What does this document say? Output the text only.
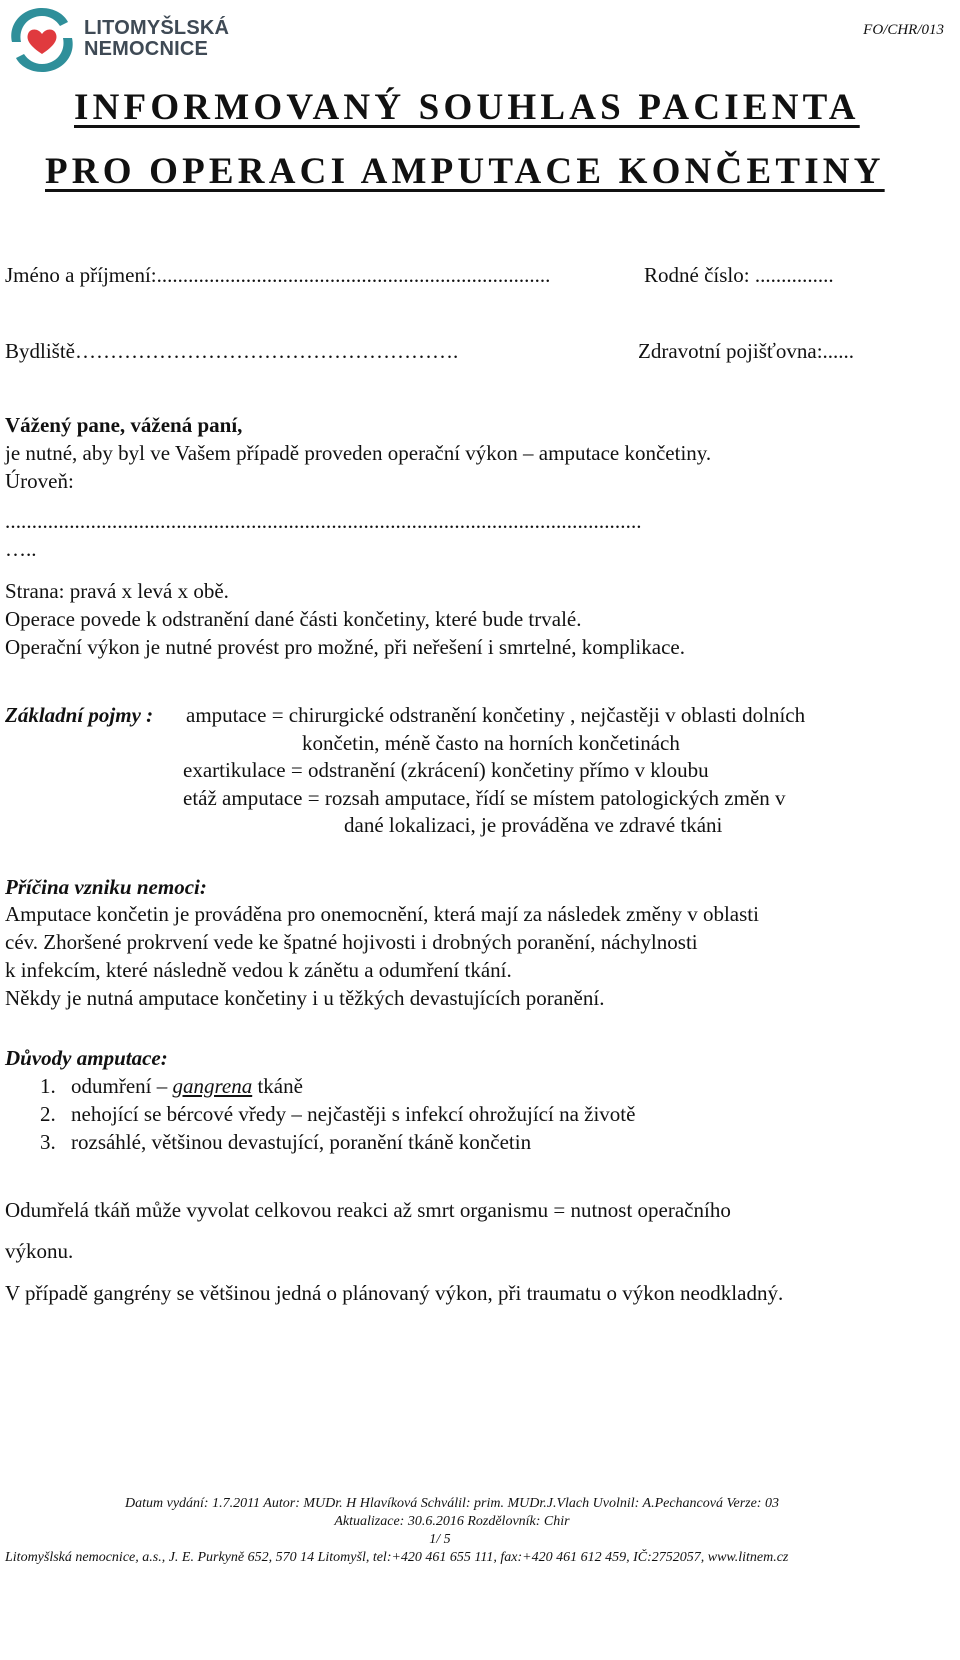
LITOMYŠLSKÁ
NEMOCNICE
FO/CHR/013
INFORMOVANÝ SOUHLAS PACIENTA
PRO OPERACI AMPUTACE KONČETINY
Jméno a příjmení:...........................................................................	Rodné číslo: ...............
Bydliště……………………………………………….	Zdravotní pojišťovna:......
Vážený pane, vážená paní,
je nutné, aby byl ve Vašem případě proveden operační výkon – amputace končetiny.
Úroveň:
.......................................................................................................................
…..
Strana: pravá x levá x obě.
Operace povede k odstranění dané části končetiny, které bude trvalé.
Operační výkon je nutné provést pro možné, při neřešení i smrtelné, komplikace.
Základní pojmy : amputace = chirurgické odstranění končetiny , nejčastěji v oblasti dolních
končetin, méně často na horních končetinách
exartikulace = odstranění (zkrácení) končetiny přímo v kloubu
etáž amputace = rozsah amputace, řídí se místem patologických změn v
dané lokalizaci, je prováděna ve zdravé tkáni
Příčina vzniku nemoci:
Amputace končetin je prováděna pro onemocnění, která mají za následek změny v oblasti
cév. Zhoršené prokrvení vede ke špatné hojivosti i drobných poranění, náchylnosti
k infekcím, které následně vedou k zánětu a odumření tkání.
Někdy je nutná amputace končetiny i u těžkých devastujících poranění.
Důvody amputace:
1. odumření – gangrena tkáně
2. nehojící se bércové vředy – nejčastěji s infekcí ohrožující na životě
3. rozsáhlé, většinou devastující, poranění tkáně končetin
Odumřelá tkáň může vyvolat celkovou reakci až smrt organismu = nutnost operačního
výkonu.
V případě gangrény se většinou jedná o plánovaný výkon, při traumatu o výkon neodkladný.
Datum vydání: 1.7.2011 Autor: MUDr. H Hlavíková Schválil: prim. MUDr.J.Vlach Uvolnil: A.Pechancová Verze: 03
Aktualizace: 30.6.2016 Rozdělovník: Chir
1/ 5
Litomyšlská nemocnice, a.s., J. E. Purkyně 652, 570 14 Litomyšl, tel:+420 461 655 111, fax:+420 461 612 459, IČ:2752057, www.litnem.cz
